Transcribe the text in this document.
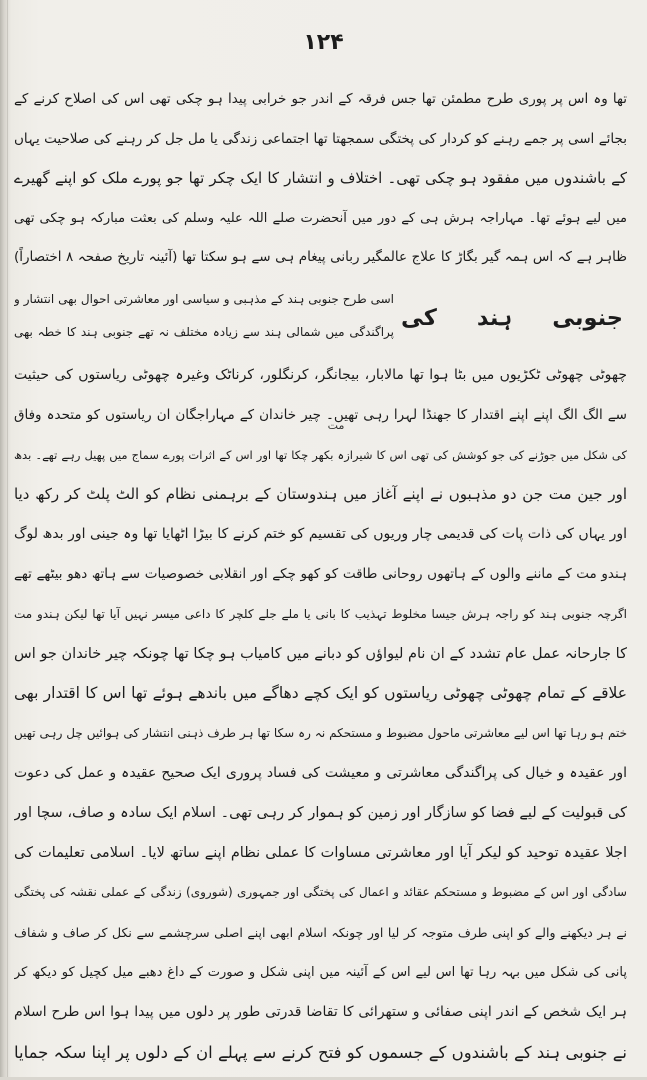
۱۲۴
تھا وہ اس پر پوری طرح مطمئن تھا جس فرقہ کے اندر جو خرابی پیدا ہو چکی تھی اس کی اصلاح کرنے کے
بجائے اسی پر جمے رہنے کو کردار کی پختگی سمجھتا تھا اجتماعی زندگی یا مل جل کر رہنے کی صلاحیت یہاں
کے باشندوں میں مفقود ہو چکی تھی۔ اختلاف و انتشار کا ایک چکر تھا جو پورے ملک کو اپنے گھیرے
میں لیے ہوئے تھا۔ مہاراجہ ہرش ہی کے دور میں آنحضرت صلے اللہ علیہ وسلم کی بعثت مبارکہ ہو چکی تھی
ظاہر ہے کہ اس ہمہ گیر بگاڑ کا علاج عالمگیر ربانی پیغام ہی سے ہو سکتا تھا (آئینہ تاریخ صفحہ ۸ اختصاراً)
جنوبی ہند کی
اسی طرح جنوبی ہند کے مذہبی و سیاسی اور معاشرتی احوال بھی انتشار و
پراگندگی میں شمالی ہند سے زیادہ مختلف نہ تھے جنوبی ہند کا خطہ بھی
مت
چھوٹی چھوٹی ٹکڑیوں میں بٹا ہوا تھا مالابار، بیجانگر، کرنگلور، کرناٹک وغیرہ چھوٹی ریاستوں کی حیثیت
سے الگ الگ اپنے اپنے اقتدار کا جھنڈا لہرا رہی تھیں۔ چیر خاندان کے مہاراجگان ان ریاستوں کو متحدہ وفاق
کی شکل میں جوڑنے کی جو کوشش کی تھی اس کا شیرازہ بکھر چکا تھا اور اس کے اثرات پورے سماج میں پھیل رہے تھے۔ بدھ
اور جین مت جن دو مذہبوں نے اپنے آغاز میں ہندوستان کے برہمنی نظام کو الٹ پلٹ کر رکھ دیا
اور یہاں کی ذات پات کی قدیمی چار وریوں کی تقسیم کو ختم کرنے کا بیڑا اٹھایا تھا وہ جینی اور بدھ لوگ
ہندو مت کے ماننے والوں کے ہاتھوں روحانی طاقت کو کھو چکے اور انقلابی خصوصیات سے ہاتھ دھو بیٹھے تھے
اگرچہ جنوبی ہند کو راجہ ہرش جیسا مخلوط تہذیب کا بانی یا ملے جلے کلچر کا داعی میسر نہیں آیا تھا لیکن ہندو مت
کا جارحانہ عمل عام تشدد کے ان نام لیواؤں کو دبانے میں کامیاب ہو چکا تھا چونکہ چیر خاندان جو اس
علاقے کے تمام چھوٹی چھوٹی ریاستوں کو ایک کچے دھاگے میں باندھے ہوئے تھا اس کا اقتدار بھی
ختم ہو رہا تھا اس لیے معاشرتی ماحول مضبوط و مستحکم نہ رہ سکا تھا ہر طرف ذہنی انتشار کی ہوائیں چل رہی تھیں
اور عقیدہ و خیال کی پراگندگی معاشرتی و معیشت کی فساد پروری ایک صحیح عقیدہ و عمل کی دعوت
کی قبولیت کے لیے فضا کو سازگار اور زمین کو ہموار کر رہی تھی۔ اسلام ایک سادہ و صاف، سچا اور
اجلا عقیدہ توحید کو لیکر آیا اور معاشرتی مساوات کا عملی نظام اپنے ساتھ لایا۔ اسلامی تعلیمات کی
سادگی اور اس کے مضبوط و مستحکم عقائد و اعمال کی پختگی اور جمہوری (شوروی) زندگی کے عملی نقشہ کی پختگی
نے ہر دیکھنے والے کو اپنی طرف متوجہ کر لیا اور چونکہ اسلام ابھی اپنے اصلی سرچشمے سے نکل کر صاف و شفاف
پانی کی شکل میں بہہ رہا تھا اس لیے اس کے آئینہ میں اپنی شکل و صورت کے داغ دھبے میل کچیل کو دیکھ کر
ہر ایک شخص کے اندر اپنی صفائی و ستھرائی کا تقاضا قدرتی طور پر دلوں میں پیدا ہوا اس طرح اسلام
نے جنوبی ہند کے باشندوں کے جسموں کو فتح کرنے سے پہلے ان کے دلوں پر اپنا سکہ جمایا
